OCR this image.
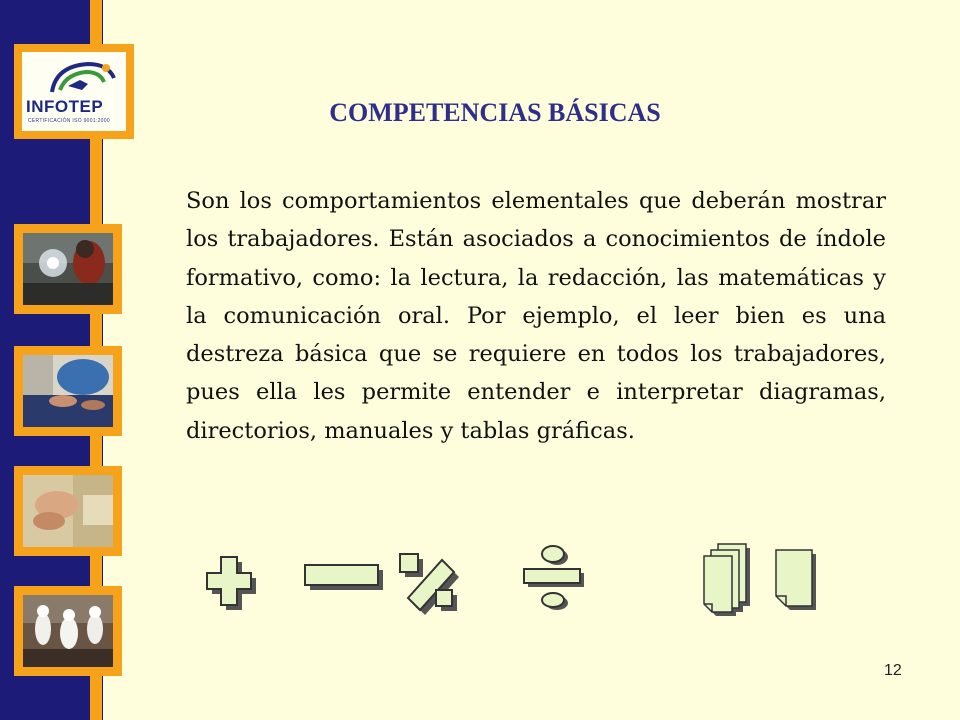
INFOTEP
CERTIFICACIÓN ISO 9001:2000	COMPETENCIAS BÁSICAS

Son los comportamientos elementales que deberán mostrar los trabajadores. Están asociados a conocimientos de índole formativo, como: la lectura, la redacción, las matemáticas y la comunicación oral. Por ejemplo, el leer bien es una destreza básica que se requiere en todos los trabajadores, pues ella les permite entender e interpretar diagramas, directorios, manuales y tablas gráficas.

12
